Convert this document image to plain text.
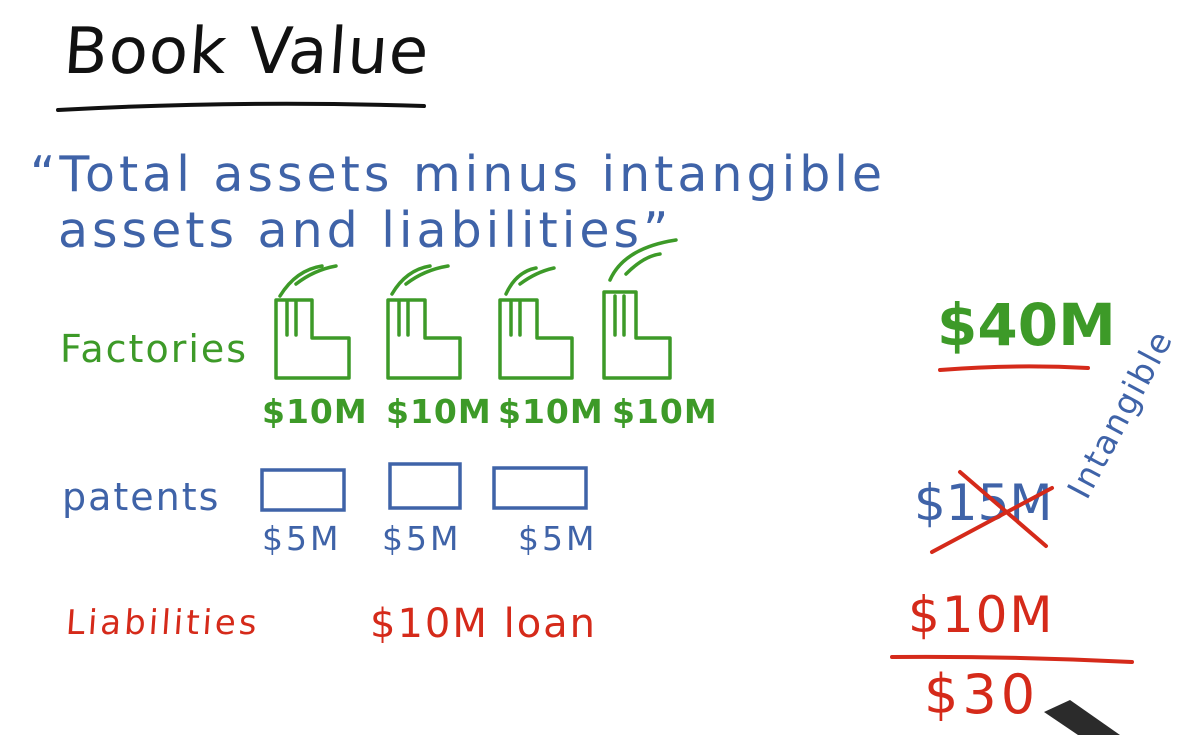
Book Value
“Total assets minus intangible
assets and liabilities”
Factories
patents
Liabilities
$10M $10M $10M $10M
$5M $5M $5M
$10M loan
$40M
$15M Intangible
$10M
$30
